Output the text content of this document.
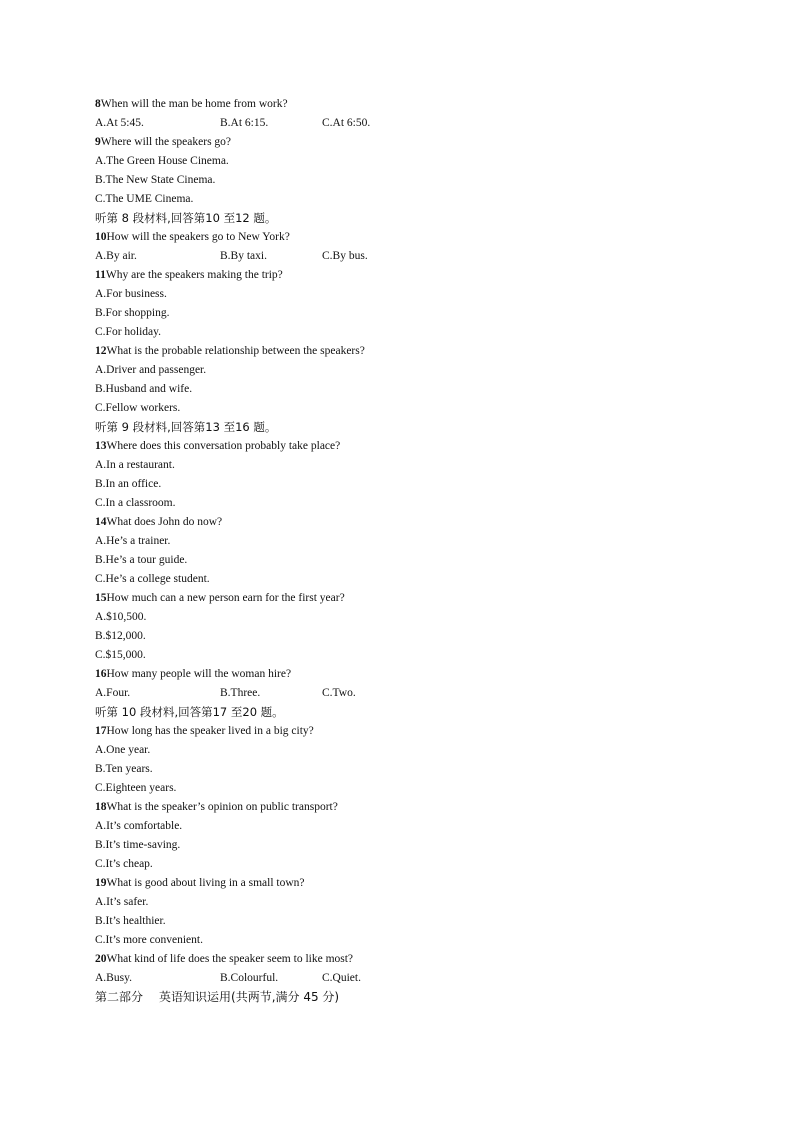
8When will the man be home from work?
A.At 5:45.	B.At 6:15.	C.At 6:50.
9Where will the speakers go?
A.The Green House Cinema.
B.The New State Cinema.
C.The UME Cinema.
听第 8 段材料,回答第10 至12 题。
10How will the speakers go to New York?
A.By air.	B.By taxi.	C.By bus.
11Why are the speakers making the trip?
A.For business.
B.For shopping.
C.For holiday.
12What is the probable relationship between the speakers?
A.Driver and passenger.
B.Husband and wife.
C.Fellow workers.
听第 9 段材料,回答第13 至16 题。
13Where does this conversation probably take place?
A.In a restaurant.
B.In an office.
C.In a classroom.
14What does John do now?
A.He’s a trainer.
B.He’s a tour guide.
C.He’s a college student.
15How much can a new person earn for the first year?
A.$10,500.
B.$12,000.
C.$15,000.
16How many people will the woman hire?
A.Four.	B.Three.	C.Two.
听第 10 段材料,回答第17 至20 题。
17How long has the speaker lived in a big city?
A.One year.
B.Ten years.
C.Eighteen years.
18What is the speaker’s opinion on public transport?
A.It’s comfortable.
B.It’s time-saving.
C.It’s cheap.
19What is good about living in a small town?
A.It’s safer.
B.It’s healthier.
C.It’s more convenient.
20What kind of life does the speaker seem to like most?
A.Busy.	B.Colourful.	C.Quiet.
第二部分 英语知识运用(共两节,满分 45 分)
